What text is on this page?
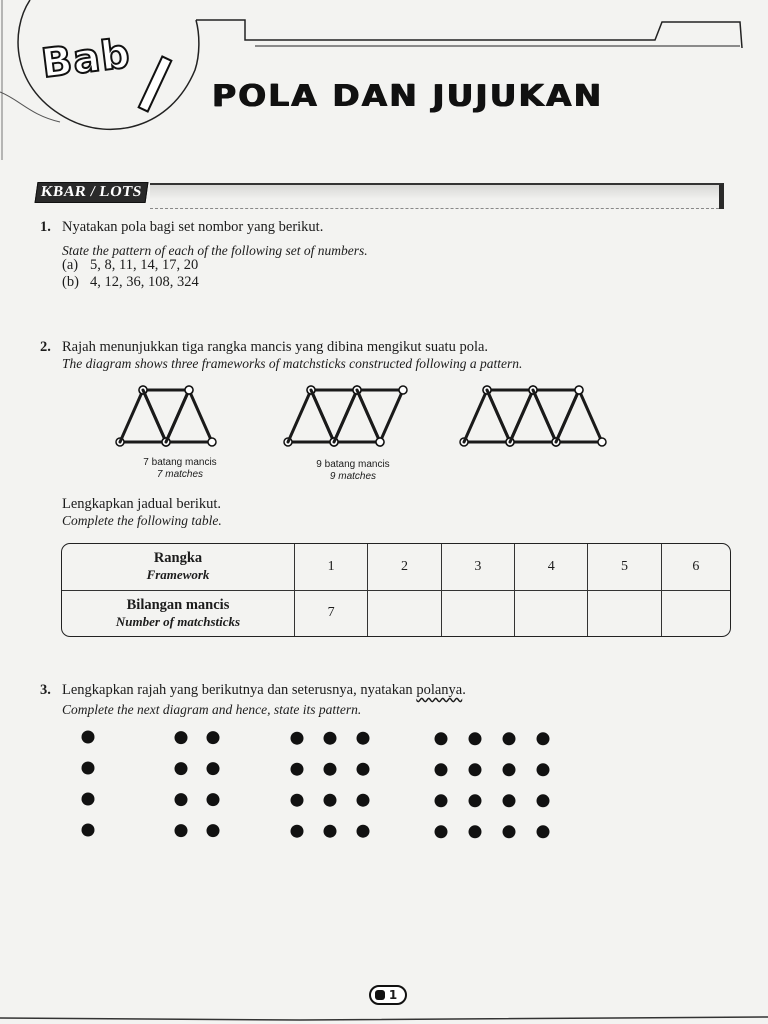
Bab
POLA DAN JUJUKAN
KBAR / LOTS
1. Nyatakan pola bagi set nombor yang berikut.
State the pattern of each of the following set of numbers.
(a) 5, 8, 11, 14, 17, 20
(b) 4, 12, 36, 108, 324
2. Rajah menunjukkan tiga rangka mancis yang dibina mengikut suatu pola.
The diagram shows three frameworks of matchsticks constructed following a pattern.
7 batang mancis
7 matches
9 batang mancis
9 matches
Lengkapkan jadual berikut.
Complete the following table.
Rangka
Framework	1	2	3	4	5	6

Bilangan mancis
Number of matchsticks	7					
3. Lengkapkan rajah yang berikutnya dan seterusnya, nyatakan polanya.
Complete the next diagram and hence, state its pattern.
1
